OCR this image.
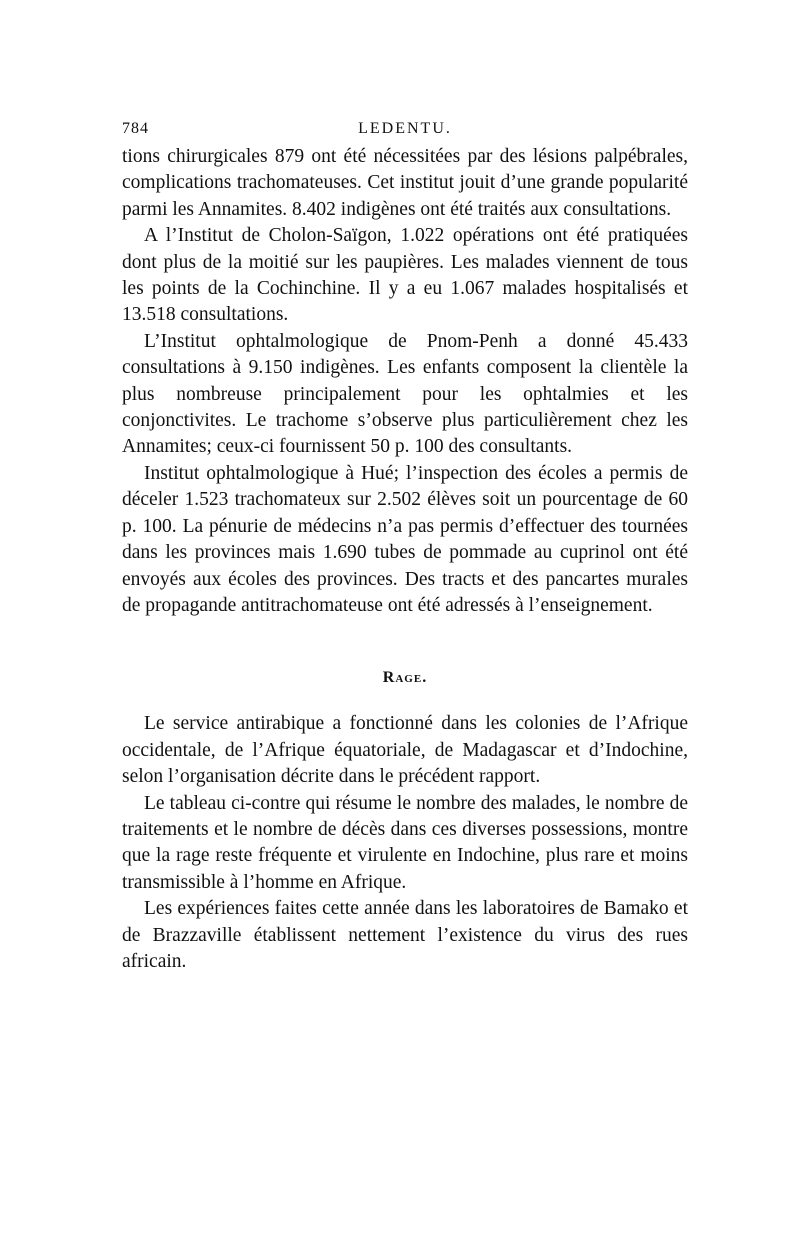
784	LEDENTU.

tions chirurgicales 879 ont été nécessitées par des lésions palpébrales, complications trachomateuses. Cet institut jouit d’une grande popularité parmi les Annamites. 8.402 indigènes ont été traités aux consultations.

A l’Institut de Cholon-Saïgon, 1.022 opérations ont été pratiquées dont plus de la moitié sur les paupières. Les malades viennent de tous les points de la Cochinchine. Il y a eu 1.067 malades hospitalisés et 13.518 consultations.

L’Institut ophtalmologique de Pnom-Penh a donné 45.433 consultations à 9.150 indigènes. Les enfants composent la clientèle la plus nombreuse principalement pour les ophtalmies et les conjonctivites. Le trachome s’observe plus particulièrement chez les Annamites; ceux-ci fournissent 50 p. 100 des consultants.

Institut ophtalmologique à Hué; l’inspection des écoles a permis de déceler 1.523 trachomateux sur 2.502 élèves soit un pourcentage de 60 p. 100. La pénurie de médecins n’a pas permis d’effectuer des tournées dans les provinces mais 1.690 tubes de pommade au cuprinol ont été envoyés aux écoles des provinces. Des tracts et des pancartes murales de propagande antitrachomateuse ont été adressés à l’enseignement.

Rage.

Le service antirabique a fonctionné dans les colonies de l’Afrique occidentale, de l’Afrique équatoriale, de Madagascar et d’Indochine, selon l’organisation décrite dans le précédent rapport.

Le tableau ci-contre qui résume le nombre des malades, le nombre de traitements et le nombre de décès dans ces diverses possessions, montre que la rage reste fréquente et virulente en Indochine, plus rare et moins transmissible à l’homme en Afrique.

Les expériences faites cette année dans les laboratoires de Bamako et de Brazzaville établissent nettement l’existence du virus des rues africain.
